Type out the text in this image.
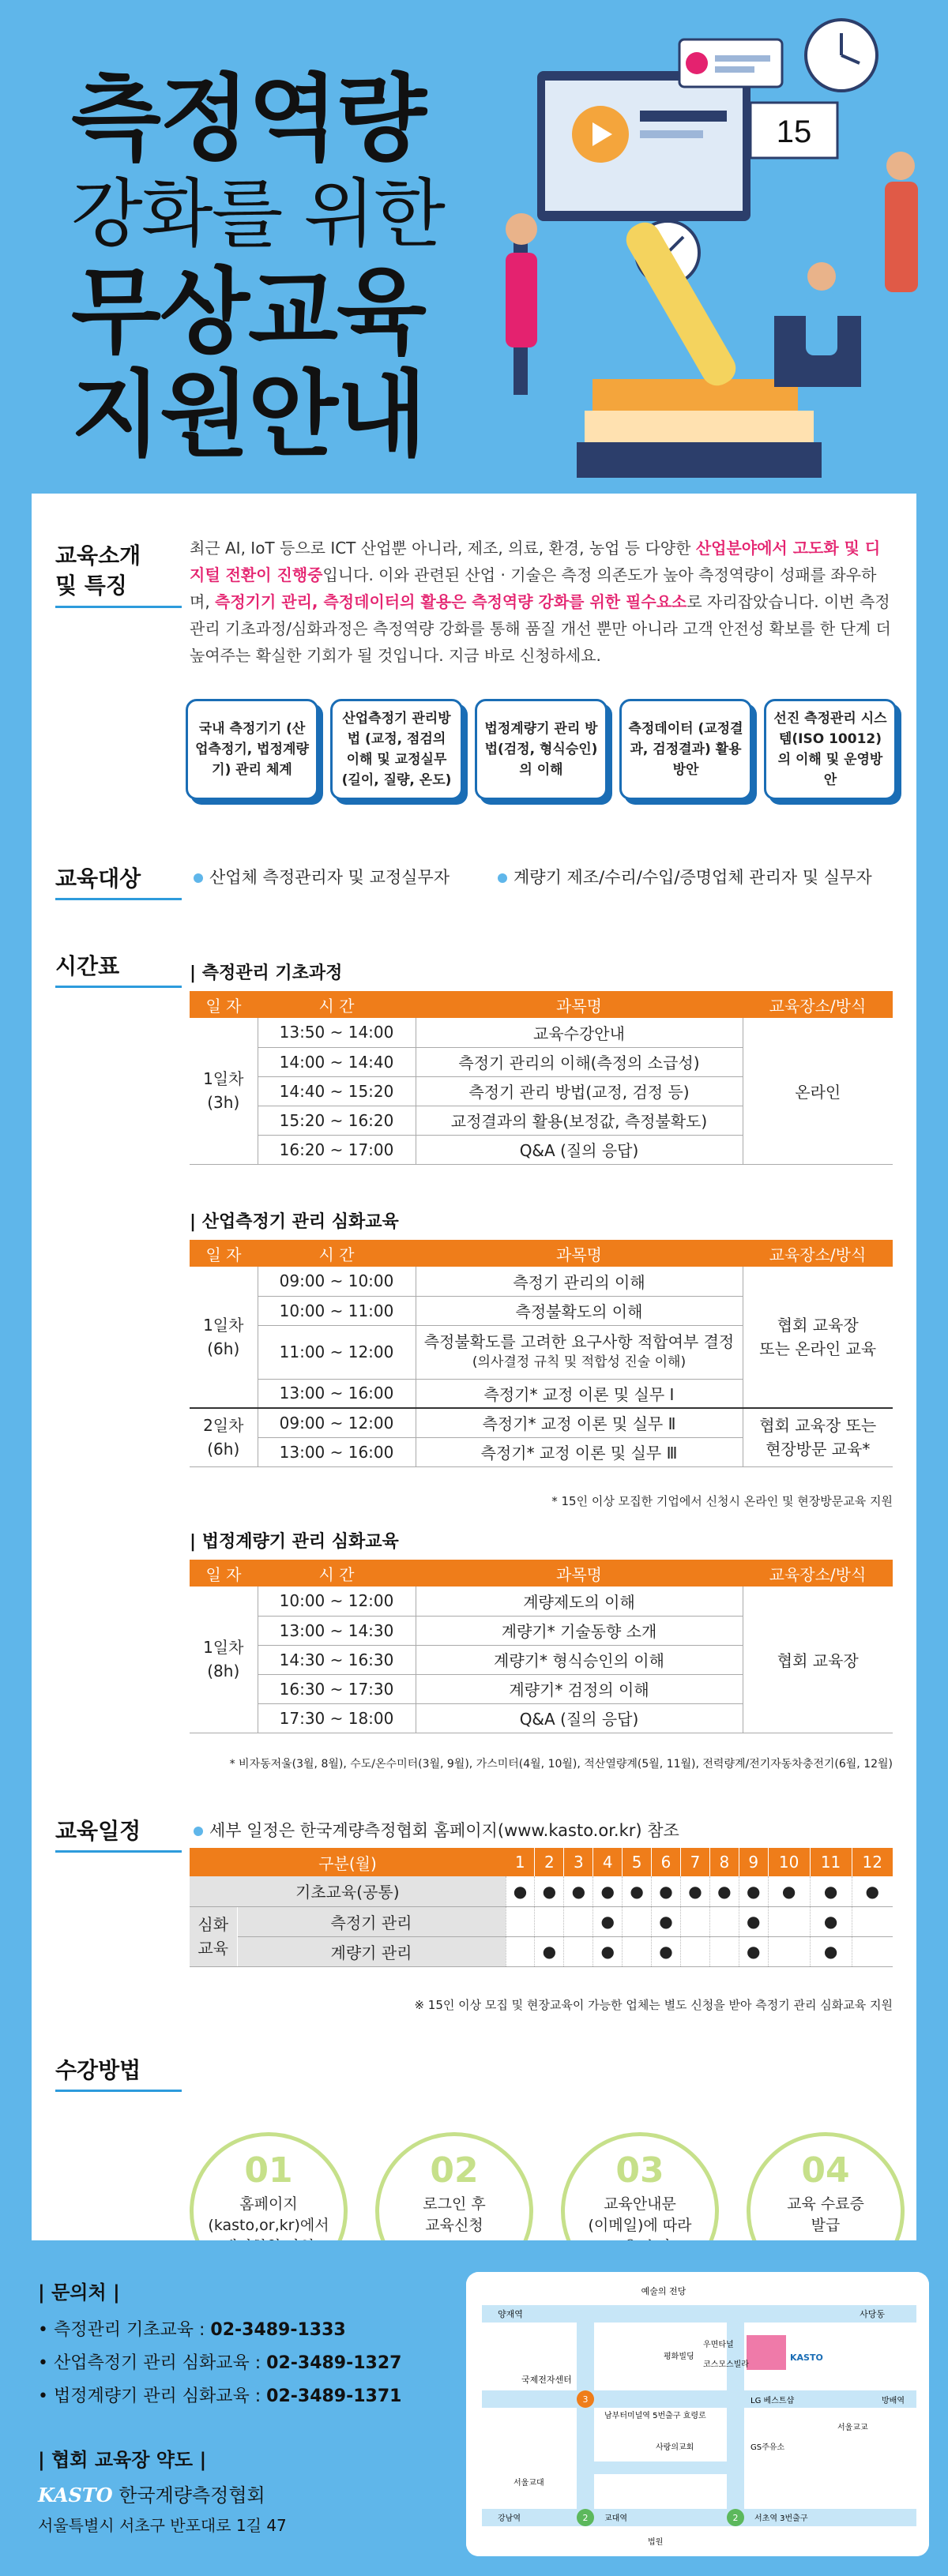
측정역량
강화를 위한
무상교육
지원안내
15
교육소개
및 특징
최근 AI, IoT 등으로 ICT 산업뿐 아니라, 제조, 의료, 환경, 농업 등 다양한 산업분야에서 고도화 및 디지털 전환이 진행중입니다. 이와 관련된 산업 · 기술은 측정 의존도가 높아 측정역량이 성패를 좌우하며, 측정기기 관리, 측정데이터의 활용은 측정역량 강화를 위한 필수요소로 자리잡았습니다. 이번 측정관리 기초과정/심화과정은 측정역량 강화를 통해 품질 개선 뿐만 아니라 고객 안전성 확보를 한 단계 더 높여주는 확실한 기회가 될 것입니다. 지금 바로 신청하세요.
국내 측정기기 (산업측정기, 법정계량기) 관리 체계
산업측정기 관리방법 (교정, 점검의 이해 및 교정실무(길이, 질량, 온도)
법정계량기 관리 방법(검정, 형식승인)의 이해
측정데이터 (교정결과, 검정결과) 활용 방안
선진 측정관리 시스템(ISO 10012)의 이해 및 운영방안
교육대상	산업체 측정관리자 및 교정실무자	계량기 제조/수리/수입/증명업체 관리자 및 실무자
시간표	| 측정관리 기초과정
일 자	시 간	과목명	교육장소/방식
1일차
(3h)	13:50 ~ 14:00	교육수강안내	온라인
	14:00 ~ 14:40	측정기 관리의 이해(측정의 소급성)	
	14:40 ~ 15:20	측정기 관리 방법(교정, 검정 등)	
	15:20 ~ 16:20	교정결과의 활용(보정값, 측정불확도)	
	16:20 ~ 17:00	Q&A (질의 응답)	
| 산업측정기 관리 심화교육
일 자	시 간	과목명	교육장소/방식
1일차
(6h)	09:00 ~ 10:00	측정기 관리의 이해	협회 교육장
또는 온라인 교육
	10:00 ~ 11:00	측정불확도의 이해	
	11:00 ~ 12:00	측정불확도를 고려한 요구사항 적합여부 결정
(의사결정 규칙 및 적합성 진술 이해)	

	13:00 ~ 16:00	측정기* 교정 이론 및 실무 Ⅰ	
2일차
(6h)	09:00 ~ 12:00	측정기* 교정 이론 및 실무 Ⅱ	협회 교육장 또는
현장방문 교육*
	13:00 ~ 16:00	측정기* 교정 이론 및 실무 Ⅲ	
* 15인 이상 모집한 기업에서 신청시 온라인 및 현장방문교육 지원
| 법정계량기 관리 심화교육
일 자	시 간	과목명	교육장소/방식
1일차
(8h)	10:00 ~ 12:00	계량제도의 이해	협회 교육장
	13:00 ~ 14:30	계량기* 기술동향 소개	
	14:30 ~ 16:30	계량기* 형식승인의 이해	
	16:30 ~ 17:30	계량기* 검정의 이해	
	17:30 ~ 18:00	Q&A (질의 응답)	
* 비자동저울(3월, 8월), 수도/온수미터(3월, 9월), 가스미터(4월, 10월), 적산열량계(5월, 11월), 전력량계/전기자동차충전기(6월, 12월)
교육일정	세부 일정은 한국계량측정협회 홈페이지(www.kasto.or.kr) 참조
구분(월)		1	2	3	4	5	6	7	8	9	10	11	12
기초교육(공통)		●	●	●	●	●	●	●	●	●	●	●	●

심화
교육	측정기 관리				●		●			●		●	
	계량기 관리		●		●		●			●		●	
※ 15인 이상 모집 및 현장교육이 가능한 업체는 별도 신청을 받아 측정기 관리 심화교육 지원
수강방법
01
홈페이지
(kasto,or,kr)에서

02
로그인 후
교육신청
03
교육안내문
(이메일)에 따라

04
교육 수료증
발급
| 문의처 |
• 측정관리 기초교육 : 02-3489-1333
• 산업측정기 관리 심화교육 : 02-3489-1327
• 법정계량기 관리 심화교육 : 02-3489-1371
| 협회 교육장 약도 |
KASTO 한국계량측정협회
서울특별시 서초구 반포대로 1길 47
예술의 전당
양재역	사당동
국제전자센터
평화빌딩
우면타널
코스모스빌라
KASTO
LG 베스트샵	방배역
서울교교
남부터미널역 5번출구 효령로
사랑의교회	GS주유소
서울교대
강남역	교대역	서초역 3번출구
법원
3
2	2
